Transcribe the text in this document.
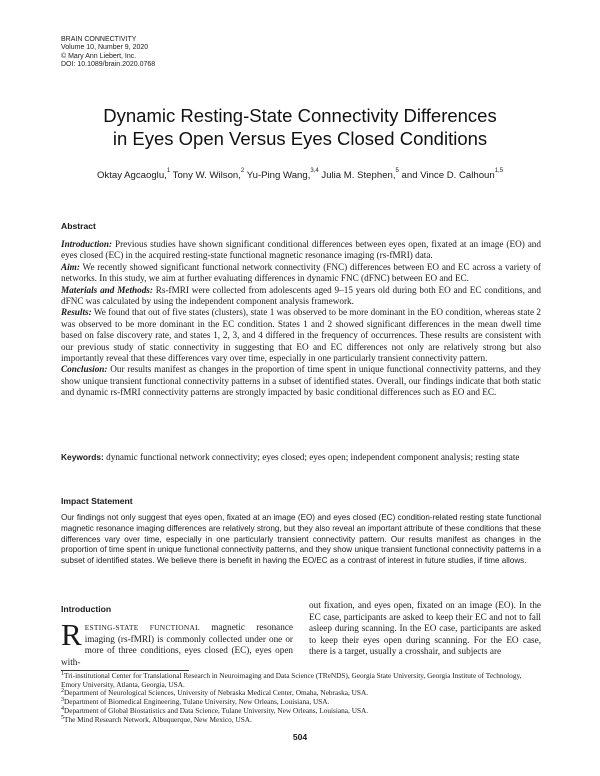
BRAIN CONNECTIVITY
Volume 10, Number 9, 2020
© Mary Ann Liebert, Inc.
DOI: 10.1089/brain.2020.0768
Dynamic Resting-State Connectivity Differences
in Eyes Open Versus Eyes Closed Conditions
Oktay Agcaoglu,$^1$ Tony W. Wilson,$^2$ Yu-Ping Wang,$^{3,4}$ Julia M. Stephen,$^5$ and Vince D. Calhoun$^{1,5}$
Abstract

Introduction: Previous studies have shown significant conditional differences between eyes open, fixated at an image (EO) and eyes closed (EC) in the acquired resting-state functional magnetic resonance imaging (rs-fMRI) data.

Aim: We recently showed significant functional network connectivity (FNC) differences between EO and EC across a variety of networks. In this study, we aim at further evaluating differences in dynamic FNC (dFNC) between EO and EC.

Materials and Methods: Rs-fMRI were collected from adolescents aged 9–15 years old during both EO and EC conditions, and dFNC was calculated by using the independent component analysis framework.

Results: We found that out of five states (clusters), state 1 was observed to be more dominant in the EO condition, whereas state 2 was observed to be more dominant in the EC condition. States 1 and 2 showed significant differences in the mean dwell time based on false discovery rate, and states 1, 2, 3, and 4 differed in the frequency of occurrences. These results are consistent with our previous study of static connectivity in suggesting that EO and EC differences not only are relatively strong but also importantly reveal that these differences vary over time, especially in one particularly transient connectivity pattern.

Conclusion: Our results manifest as changes in the proportion of time spent in unique functional connectivity patterns, and they show unique transient functional connectivity patterns in a subset of identified states. Overall, our findings indicate that both static and dynamic rs-fMRI connectivity patterns are strongly impacted by basic conditional differences such as EO and EC.

Keywords: dynamic functional network connectivity; eyes closed; eyes open; independent component analysis; resting state
Impact Statement
Our findings not only suggest that eyes open, fixated at an image (EO) and eyes closed (EC) condition-related resting state functional magnetic resonance imaging differences are relatively strong, but they also reveal an important attribute of these conditions that these differences vary over time, especially in one particularly transient connectivity pattern. Our results manifest as changes in the proportion of time spent in unique functional connectivity patterns, and they show unique transient functional connectivity patterns in a subset of identified states. We believe there is benefit in having the EO/EC as a contrast of interest in future studies, if time allows.
Introduction
RESTING-STATE FUNCTIONAL magnetic resonance imaging (rs-fMRI) is commonly collected under one or more of three conditions, eyes closed (EC), eyes open with-
out fixation, and eyes open, fixated on an image (EO). In the EC case, participants are asked to keep their EC and not to fall asleep during scanning. In the EO case, participants are asked to keep their eyes open during scanning. For the EO case, there is a target, usually a crosshair, and subjects are
$^1$Tri-institutional Center for Translational Research in Neuroimaging and Data Science (TReNDS), Georgia State University, Georgia Institute of Technology, Emory University, Atlanta, Georgia, USA.
$^2$Department of Neurological Sciences, University of Nebraska Medical Center, Omaha, Nebraska, USA.
$^3$Department of Biomedical Engineering, Tulane University, New Orleans, Louisiana, USA.
$^4$Department of Global Biostatistics and Data Science, Tulane University, New Orleans, Louisiana, USA.
$^5$The Mind Research Network, Albuquerque, New Mexico, USA.
504
